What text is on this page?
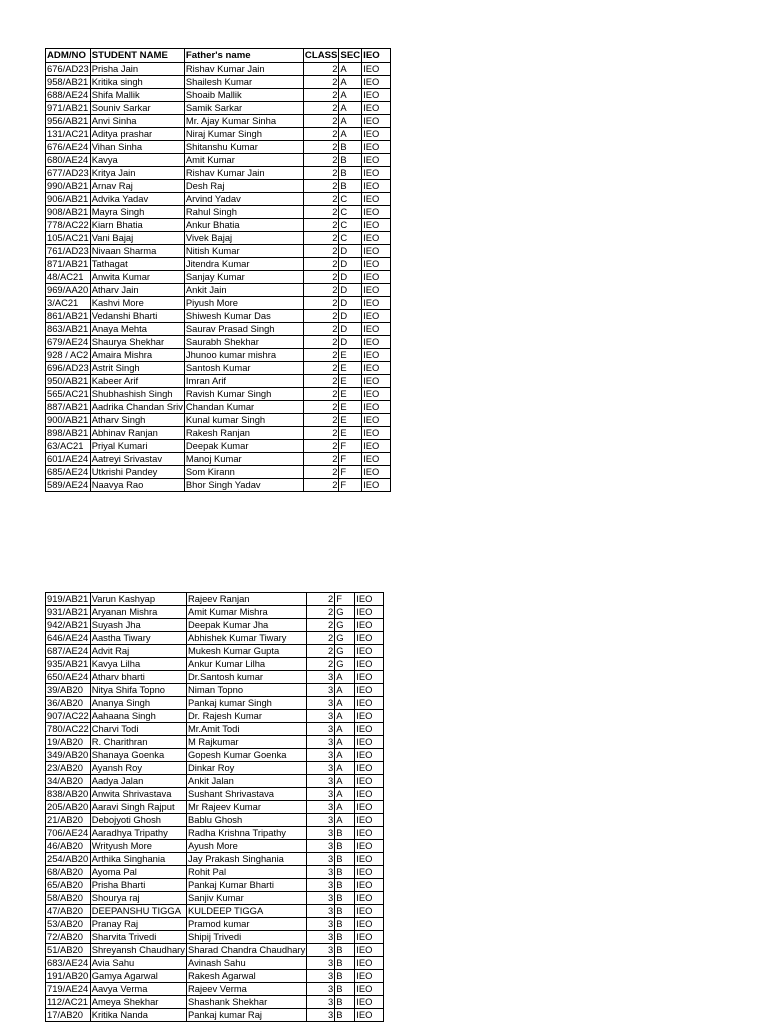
ADM/NO	STUDENT NAME	Father's name	CLASS	SEC	IEO
676/AD23	Prisha Jain	Rishav Kumar Jain	2	A	IEO
958/AB21	Kritika singh	Shailesh Kumar	2	A	IEO
688/AE24	Shifa Mallik	Shoaib Mallik	2	A	IEO
971/AB21	Souniv Sarkar	Samik Sarkar	2	A	IEO
956/AB21	Anvi Sinha	Mr. Ajay Kumar Sinha	2	A	IEO
131/AC21	Aditya prashar	Niraj Kumar Singh	2	A	IEO
676/AE24	Vihan Sinha	Shitanshu Kumar	2	B	IEO
680/AE24	Kavya	Amit Kumar	2	B	IEO
677/AD23	Kritya Jain	Rishav Kumar Jain	2	B	IEO
990/AB21	Arnav Raj	Desh Raj	2	B	IEO
906/AB21	Advika Yadav	Arvind Yadav	2	C	IEO
908/AB21	Mayra Singh	Rahul Singh	2	C	IEO
778/AC22	Kiarn Bhatia	Ankur Bhatia	2	C	IEO
105/AC21	Vani Bajaj	Vivek Bajaj	2	C	IEO
761/AD23	Nivaan Sharma	Nitish Kumar	2	D	IEO
871/AB21	Tathagat	Jitendra Kumar	2	D	IEO
48/AC21	Anwita Kumar	Sanjay Kumar	2	D	IEO
969/AA20	Atharv Jain	Ankit Jain	2	D	IEO
3/AC21	Kashvi More	Piyush More	2	D	IEO
861/AB21	Vedanshi Bharti	Shiwesh Kumar Das	2	D	IEO
863/AB21	Anaya Mehta	Saurav Prasad Singh	2	D	IEO
679/AE24	Shaurya Shekhar	Saurabh Shekhar	2	D	IEO
928 / AC2	Amaira Mishra	Jhunoo kumar mishra	2	E	IEO
696/AD23	Astrit Singh	Santosh Kumar	2	E	IEO
950/AB21	Kabeer Arif	Imran Arif	2	E	IEO
565/AC21	Shubhashish Singh	Ravish Kumar Singh	2	E	IEO
887/AB21	Aadrika Chandan Sriv	Chandan Kumar	2	E	IEO
900/AB21	Atharv Singh	Kunal kumar Singh	2	E	IEO
898/AB21	Abhinav Ranjan	Rakesh Ranjan	2	E	IEO
63/AC21	Priyal Kumari	Deepak Kumar	2	F	IEO
601/AE24	Aatreyi Srivastav	Manoj Kumar	2	F	IEO
685/AE24	Utkrishi Pandey	Som Kirann	2	F	IEO
589/AE24	Naavya Rao	Bhor Singh Yadav	2	F	IEO
919/AB21	Varun Kashyap	Rajeev Ranjan	2	F	IEO
931/AB21	Aryanan Mishra	Amit Kumar Mishra	2	G	IEO
942/AB21	Suyash Jha	Deepak Kumar Jha	2	G	IEO
646/AE24	Aastha Tiwary	Abhishek Kumar Tiwary	2	G	IEO
687/AE24	Advit Raj	Mukesh Kumar Gupta	2	G	IEO
935/AB21	Kavya Lilha	Ankur Kumar Lilha	2	G	IEO
650/AE24	Atharv bharti	Dr.Santosh kumar	3	A	IEO
39/AB20	Nitya Shifa Topno	Niman Topno	3	A	IEO
36/AB20	Ananya Singh	Pankaj kumar Singh	3	A	IEO
907/AC22	Aahaana Singh	Dr. Rajesh Kumar	3	A	IEO
780/AC22	Charvi Todi	Mr.Amit Todi	3	A	IEO
19/AB20	R. Charithran	M Rajkumar	3	A	IEO
349/AB20	Shanaya Goenka	Gopesh Kumar Goenka	3	A	IEO
23/AB20	Ayansh Roy	Dinkar Roy	3	A	IEO
34/AB20	Aadya Jalan	Ankit Jalan	3	A	IEO
838/AB20	Anwita Shrivastava	Sushant Shrivastava	3	A	IEO
205/AB20	Aaravi Singh Rajput	Mr Rajeev Kumar	3	A	IEO
21/AB20	Debojyoti Ghosh	Bablu Ghosh	3	A	IEO
706/AE24	Aaradhya Tripathy	Radha Krishna Tripathy	3	B	IEO
46/AB20	Writyush More	Ayush More	3	B	IEO
254/AB20	Arthika Singhania	Jay Prakash Singhania	3	B	IEO
68/AB20	Ayoma Pal	Rohit Pal	3	B	IEO
65/AB20	Prisha Bharti	Pankaj Kumar Bharti	3	B	IEO
58/AB20	Shourya raj	Sanjiv Kumar	3	B	IEO
47/AB20	DEEPANSHU TIGGA	KULDEEP TIGGA	3	B	IEO
53/AB20	Pranay Raj	Pramod kumar	3	B	IEO
72/AB20	Sharvita Trivedi	Shipij Trivedi	3	B	IEO
51/AB20	Shreyansh Chaudhary	Sharad Chandra Chaudhary	3	B	IEO
683/AE24	Avia Sahu	Avinash Sahu	3	B	IEO
191/AB20	Gamya Agarwal	Rakesh Agarwal	3	B	IEO
719/AE24	Aavya Verma	Rajeev Verma	3	B	IEO
112/AC21	Ameya Shekhar	Shashank Shekhar	3	B	IEO
17/AB20	Kritika Nanda	Pankaj kumar Raj	3	B	IEO
